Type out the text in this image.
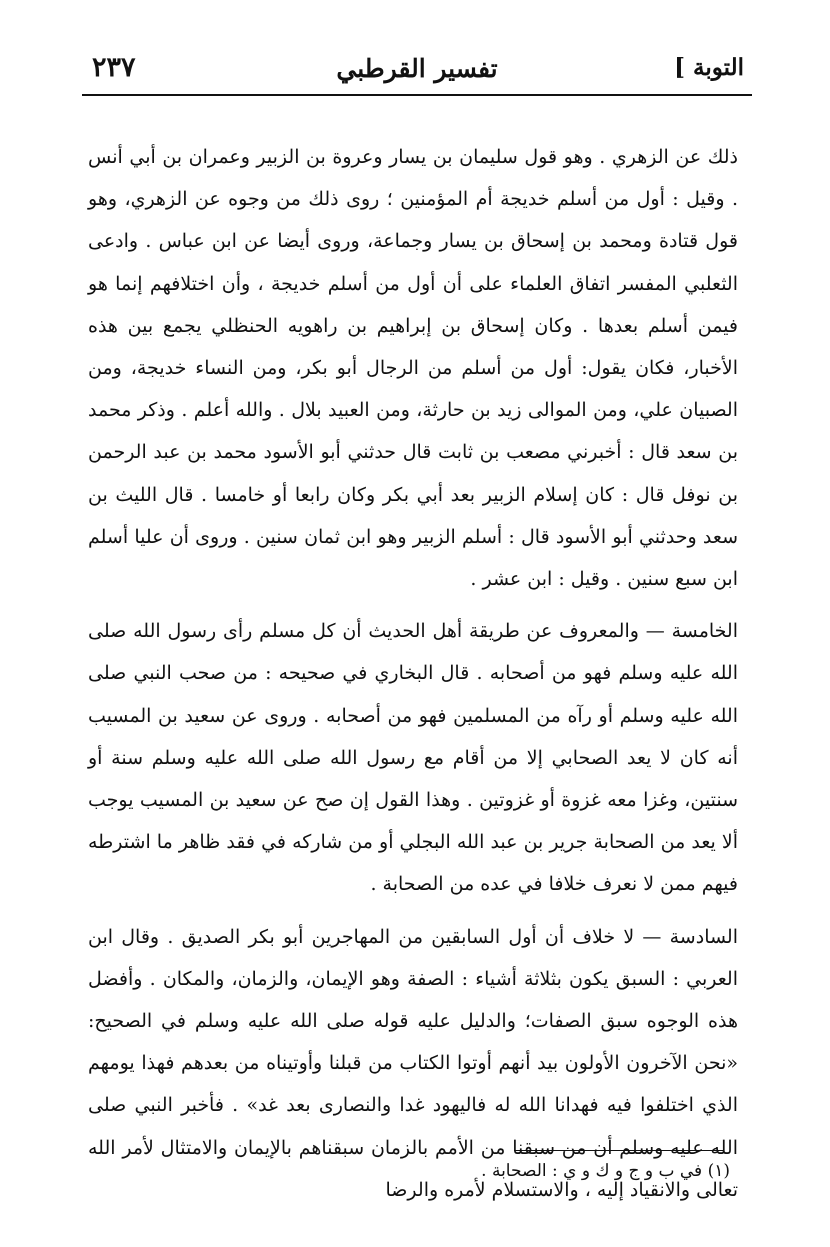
٢٣٧	تفسير القرطبي	التوبة ]

ذلك عن الزهري . وهو قول سليمان بن يسار وعروة بن الزبير وعمران بن أبي أنس . وقيل : أول من أسلم خديجة أم المؤمنين ؛ روى ذلك من وجوه عن الزهري، وهو قول قتادة ومحمد بن إسحاق بن يسار وجماعة، وروى أيضا عن ابن عباس . وادعى الثعلبي المفسر اتفاق العلماء على أن أول من أسلم خديجة ، وأن اختلافهم إنما هو فيمن أسلم بعدها . وكان إسحاق بن إبراهيم بن راهويه الحنظلي يجمع بين هذه الأخبار، فكان يقول: أول من أسلم من الرجال أبو بكر، ومن النساء خديجة، ومن الصبيان علي، ومن الموالى زيد بن حارثة، ومن العبيد بلال . والله أعلم . وذكر محمد بن سعد قال : أخبرني مصعب بن ثابت قال حدثني أبو الأسود محمد بن عبد الرحمن بن نوفل قال : كان إسلام الزبير بعد أبي بكر وكان رابعا أو خامسا . قال الليث بن سعد وحدثني أبو الأسود قال : أسلم الزبير وهو ابن ثمان سنين . وروى أن عليا أسلم ابن سبع سنين . وقيل : ابن عشر .

الخامسة — والمعروف عن طريقة أهل الحديث أن كل مسلم رأى رسول الله صلى الله عليه وسلم فهو من أصحابه . قال البخاري في صحيحه : من صحب النبي صلى الله عليه وسلم أو رآه من المسلمين فهو من أصحابه . وروى عن سعيد بن المسيب أنه كان لا يعد الصحابي إلا من أقام مع رسول الله صلى الله عليه وسلم سنة أو سنتين، وغزا معه غزوة أو غزوتين . وهذا القول إن صح عن سعيد بن المسيب يوجب ألا يعد من الصحابة جرير بن عبد الله البجلي أو من شاركه في فقد ظاهر ما اشترطه فيهم ممن لا نعرف خلافا في عده من الصحابة .

السادسة — لا خلاف أن أول السابقين من المهاجرين أبو بكر الصديق . وقال ابن العربي : السبق يكون بثلاثة أشياء : الصفة وهو الإيمان، والزمان، والمكان . وأفضل هذه الوجوه سبق الصفات؛ والدليل عليه قوله صلى الله عليه وسلم في الصحيح: «نحن الآخرون الأولون بيد أنهم أوتوا الكتاب من قبلنا وأوتيناه من بعدهم فهذا يومهم الذي اختلفوا فيه فهدانا الله له فاليهود غدا والنصارى بعد غد» . فأخبر النبي صلى الله عليه وسلم أن من سبقنا من الأمم بالزمان سبقناهم بالإيمان والامتثال لأمر الله تعالى والانقياد إليه ، والاستسلام لأمره والرضا

(١) في ب و ج و ك و ي : الصحابة .
